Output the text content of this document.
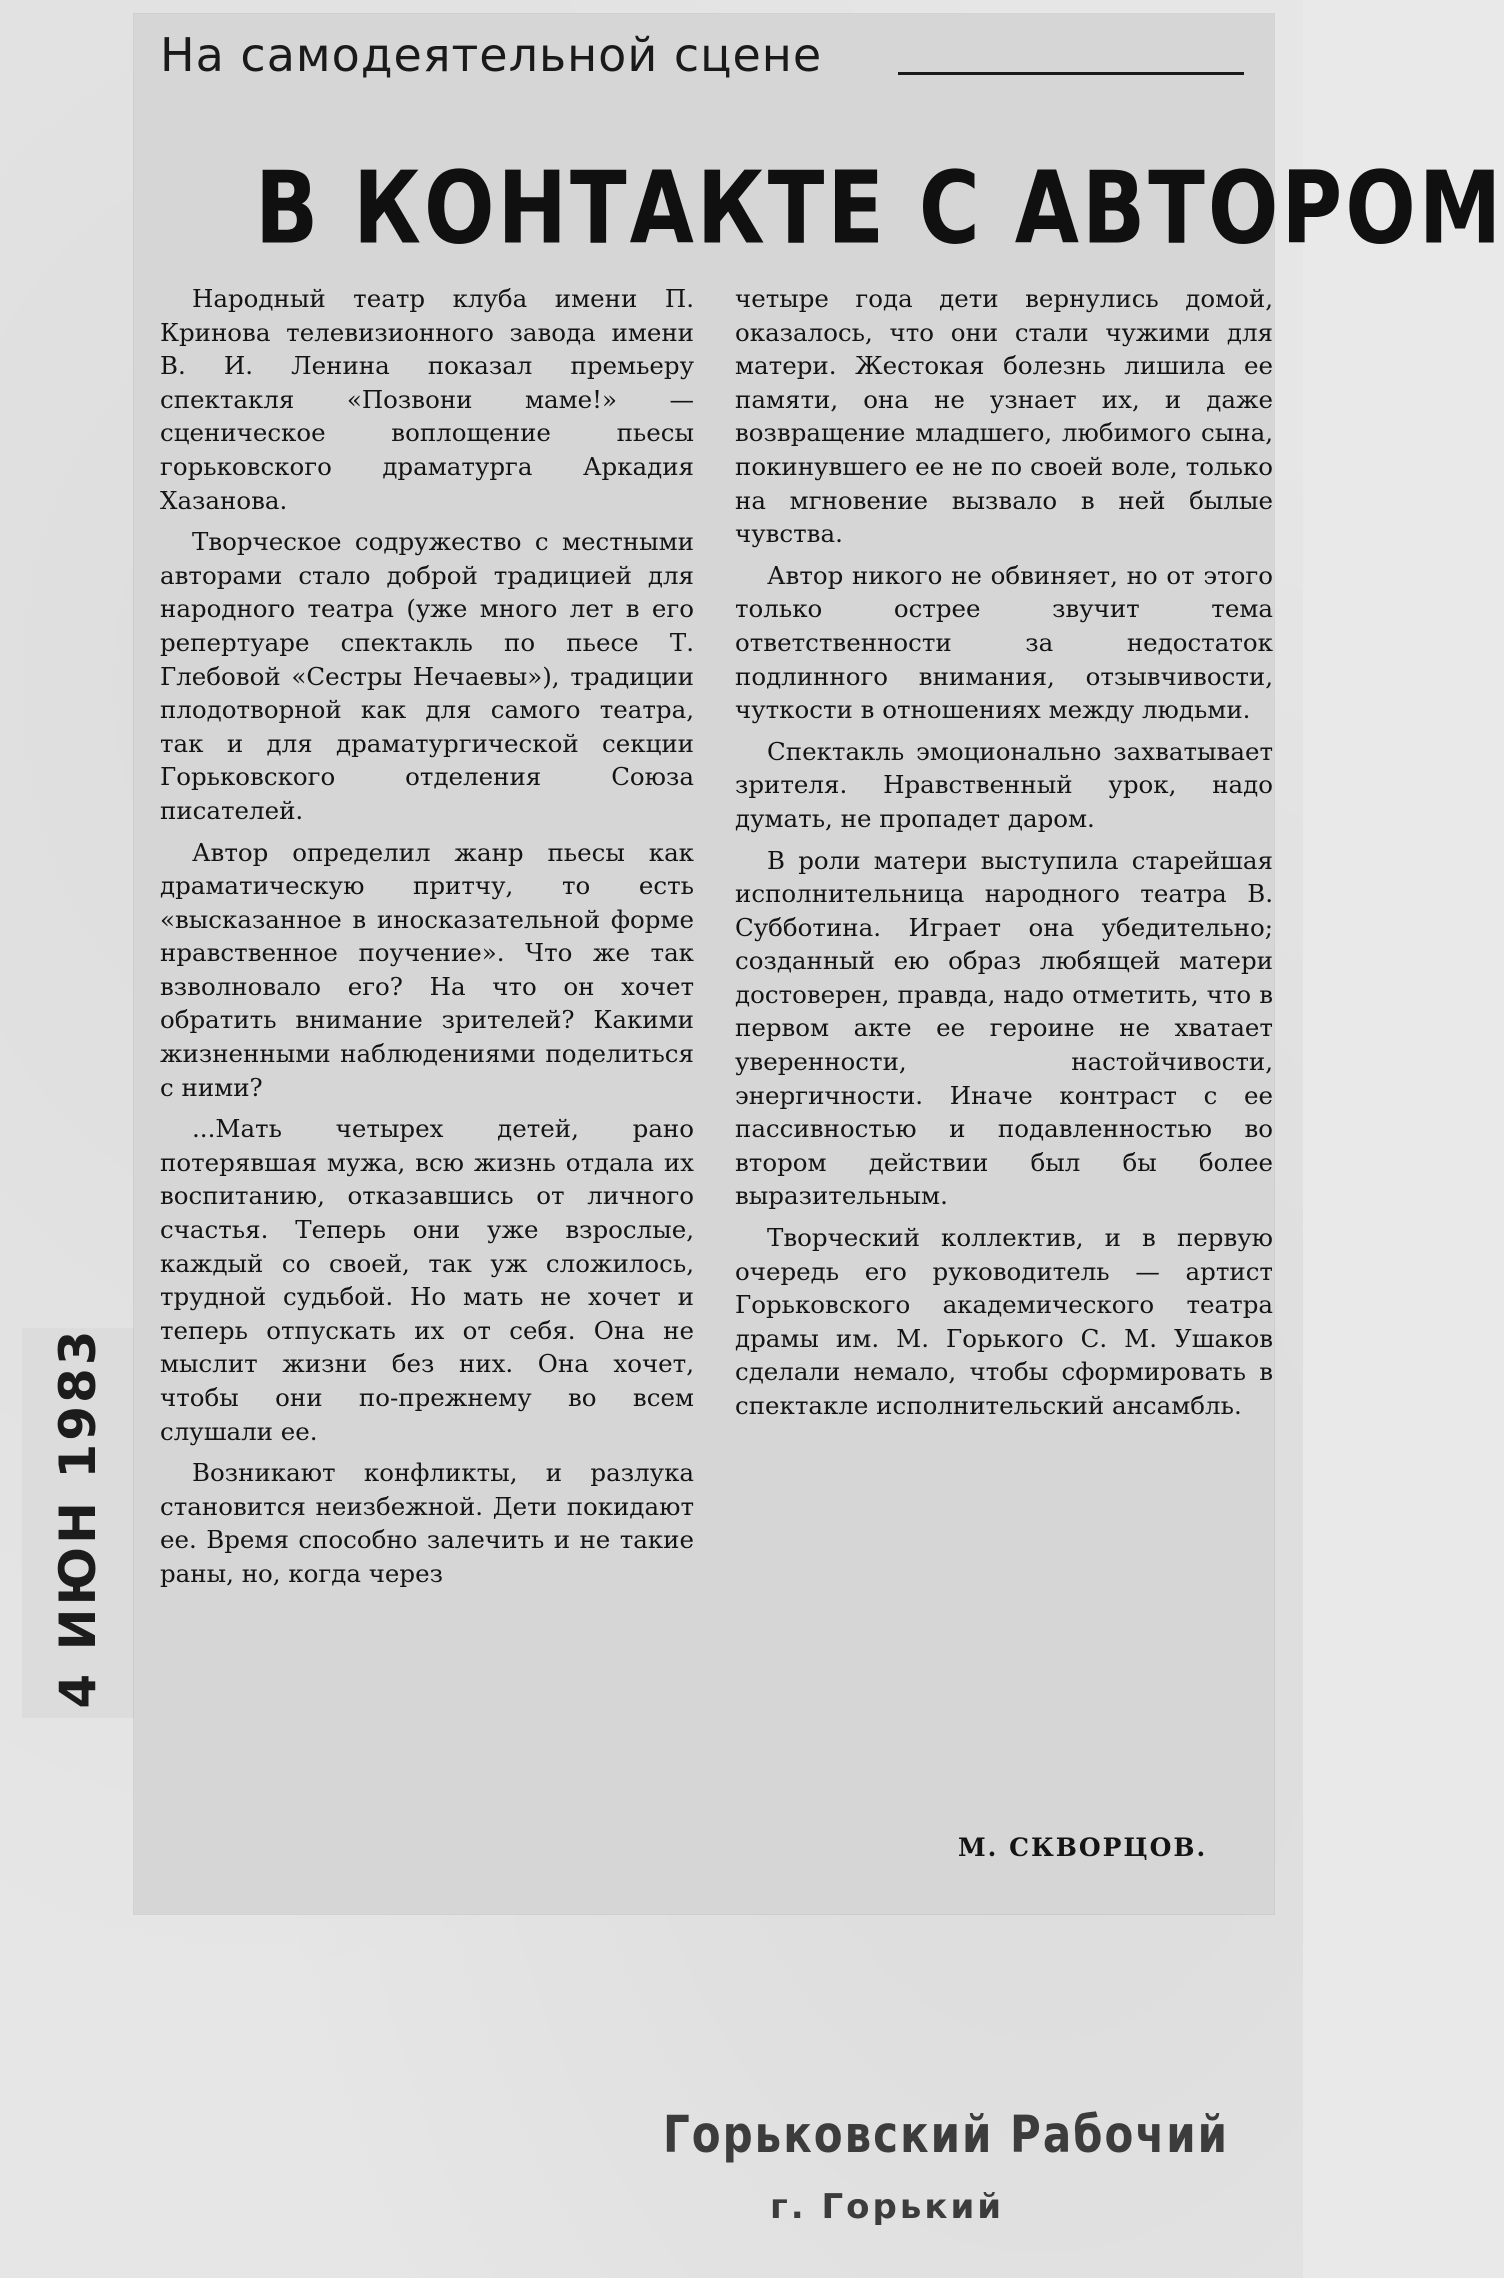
4 ИЮН 1983
На самодеятельной сцене
В КОНТАКТЕ С АВТОРОМ

Народный театр клуба имени П. Кринова телевизионного завода имени В. И. Ленина показал премьеру спектакля «Позвони маме!» — сценическое воплощение пьесы горьковского драматурга Аркадия Хазанова.

Творческое содружество с местными авторами стало доброй традицией для народного театра (уже много лет в его репертуаре спектакль по пьесе Т. Глебовой «Сестры Нечаевы»), традиции плодотворной как для самого театра, так и для драматургической секции Горьковского отделения Союза писателей.

Автор определил жанр пьесы как драматическую притчу, то есть «высказанное в иносказательной форме нравственное поучение». Что же так взволновало его? На что он хочет обратить внимание зрителей? Какими жизненными наблюдениями поделиться с ними?

...Мать четырех детей, рано потерявшая мужа, всю жизнь отдала их воспитанию, отказавшись от личного счастья. Теперь они уже взрослые, каждый со своей, так уж сложилось, трудной судьбой. Но мать не хочет и теперь отпускать их от себя. Она не мыслит жизни без них. Она хочет, чтобы они по-прежнему во всем слушали ее.

Возникают конфликты, и разлука становится неизбежной. Дети покидают ее. Время способно залечить и не такие раны, но, когда через

четыре года дети вернулись домой, оказалось, что они стали чужими для матери. Жестокая болезнь лишила ее памяти, она не узнает их, и даже возвращение младшего, любимого сына, покинувшего ее не по своей воле, только на мгновение вызвало в ней былые чувства.

Автор никого не обвиняет, но от этого только острее звучит тема ответственности за недостаток подлинного внимания, отзывчивости, чуткости в отношениях между людьми.

Спектакль эмоционально захватывает зрителя. Нравственный урок, надо думать, не пропадет даром.

В роли матери выступила старейшая исполнительница народного театра В. Субботина. Играет она убедительно; созданный ею образ любящей матери достоверен, правда, надо отметить, что в первом акте ее героине не хватает уверенности, настойчивости, энергичности. Иначе контраст с ее пассивностью и подавленностью во втором действии был бы более выразительным.

Творческий коллектив, и в первую очередь его руководитель — артист Горьковского академического театра драмы им. М. Горького С. М. Ушаков сделали немало, чтобы сформировать в спектакле исполнительский ансамбль.

М. СКВОРЦОВ.
Горьковский Рабочий
г. Горький
